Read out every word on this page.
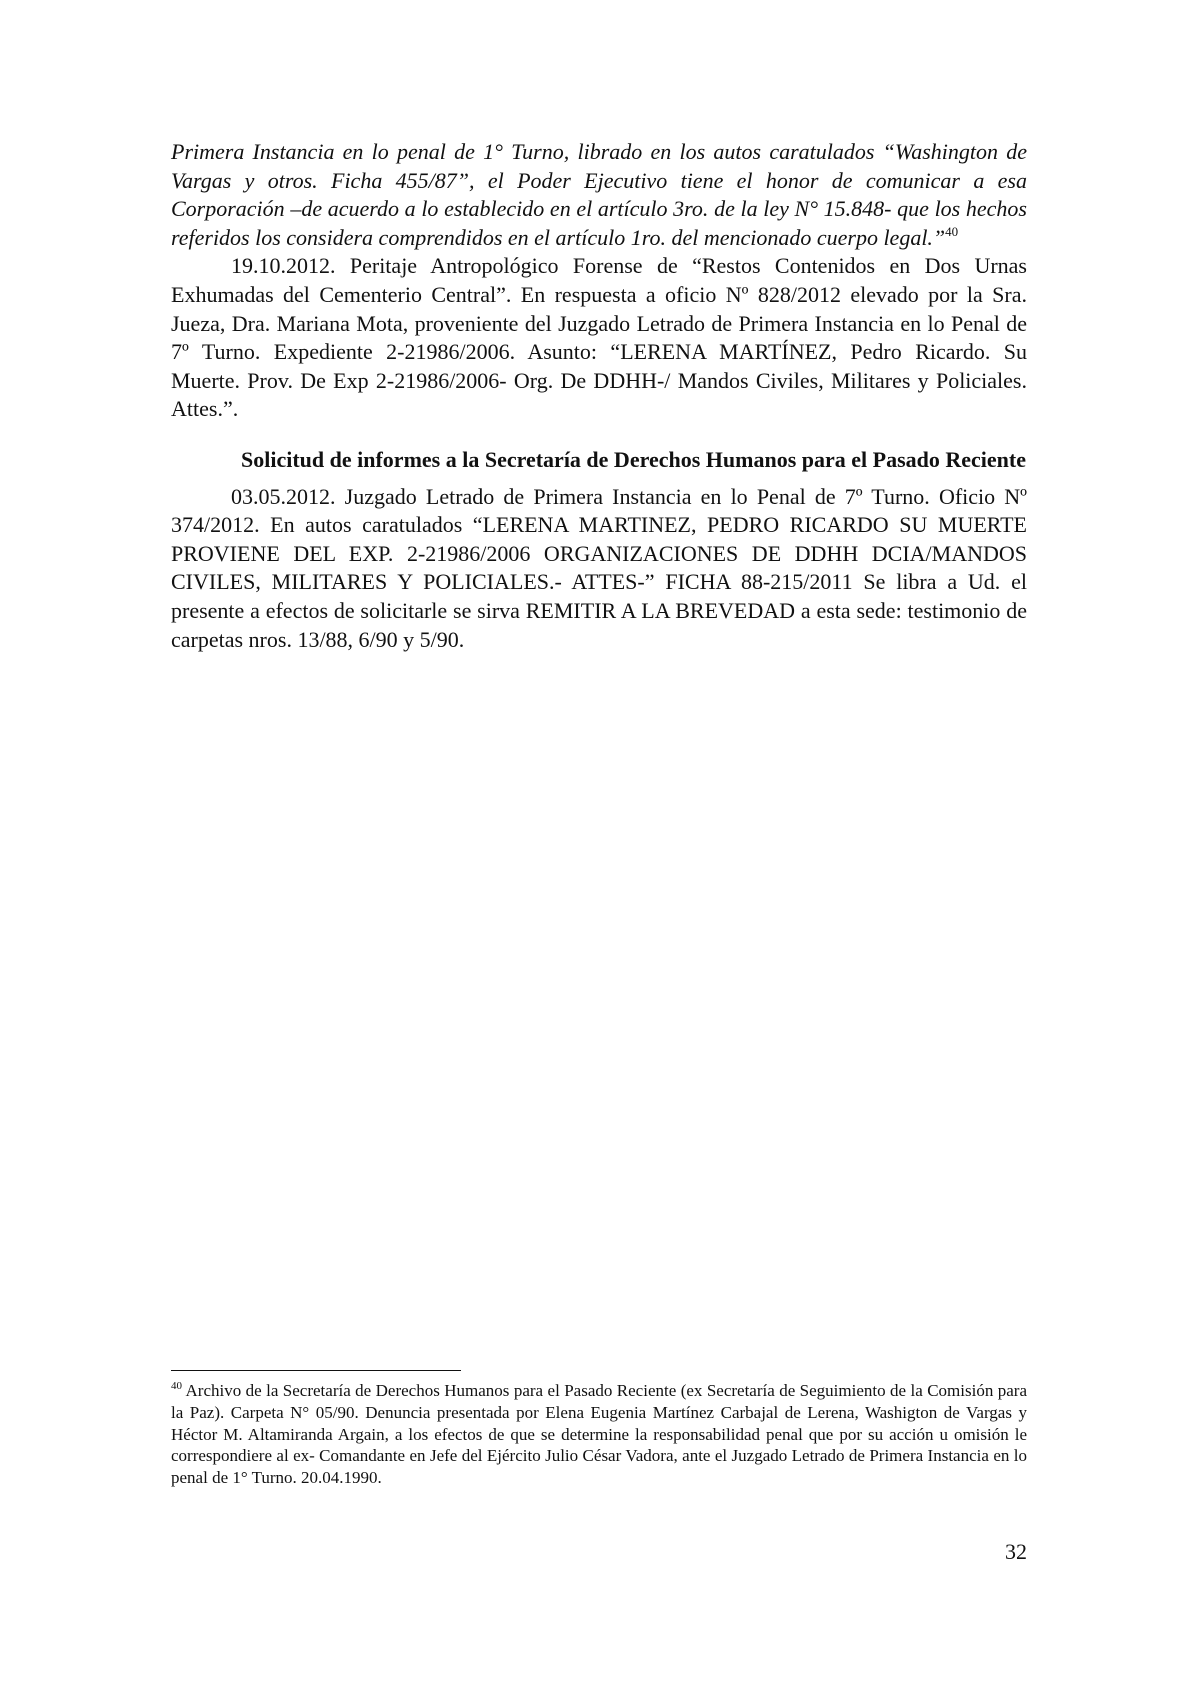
Primera Instancia en lo penal de 1° Turno, librado en los autos caratulados “Washington de Vargas y otros. Ficha 455/87”, el Poder Ejecutivo tiene el honor de comunicar a esa Corporación –de acuerdo a lo establecido en el artículo 3ro. de la ley N° 15.848- que los hechos referidos los considera comprendidos en el artículo 1ro. del mencionado cuerpo legal.”$^{40}$

19.10.2012. Peritaje Antropológico Forense de “Restos Contenidos en Dos Urnas Exhumadas del Cementerio Central”. En respuesta a oficio Nº 828/2012 elevado por la Sra. Jueza, Dra. Mariana Mota, proveniente del Juzgado Letrado de Primera Instancia en lo Penal de 7º Turno. Expediente 2-21986/2006. Asunto: “LERENA MARTÍNEZ, Pedro Ricardo. Su Muerte. Prov. De Exp 2-21986/2006- Org. De DDHH-/ Mandos Civiles, Militares y Policiales. Attes.”.

Solicitud de informes a la Secretaría de Derechos Humanos para el Pasado Reciente

03.05.2012. Juzgado Letrado de Primera Instancia en lo Penal de 7º Turno. Oficio Nº 374/2012. En autos caratulados “LERENA MARTINEZ, PEDRO RICARDO SU MUERTE PROVIENE DEL EXP. 2-21986/2006 ORGANIZACIONES DE DDHH DCIA/MANDOS CIVILES, MILITARES Y POLICIALES.- ATTES-” FICHA 88-215/2011 Se libra a Ud. el presente a efectos de solicitarle se sirva REMITIR A LA BREVEDAD a esta sede: testimonio de carpetas nros. 13/88, 6/90 y 5/90.

$^{40}$ Archivo de la Secretaría de Derechos Humanos para el Pasado Reciente (ex Secretaría de Seguimiento de la Comisión para la Paz). Carpeta N° 05/90. Denuncia presentada por Elena Eugenia Martínez Carbajal de Lerena, Washigton de Vargas y Héctor M. Altamiranda Argain, a los efectos de que se determine la responsabilidad penal que por su acción u omisión le correspondiere al ex- Comandante en Jefe del Ejército Julio César Vadora, ante el Juzgado Letrado de Primera Instancia en lo penal de 1° Turno. 20.04.1990.

32
